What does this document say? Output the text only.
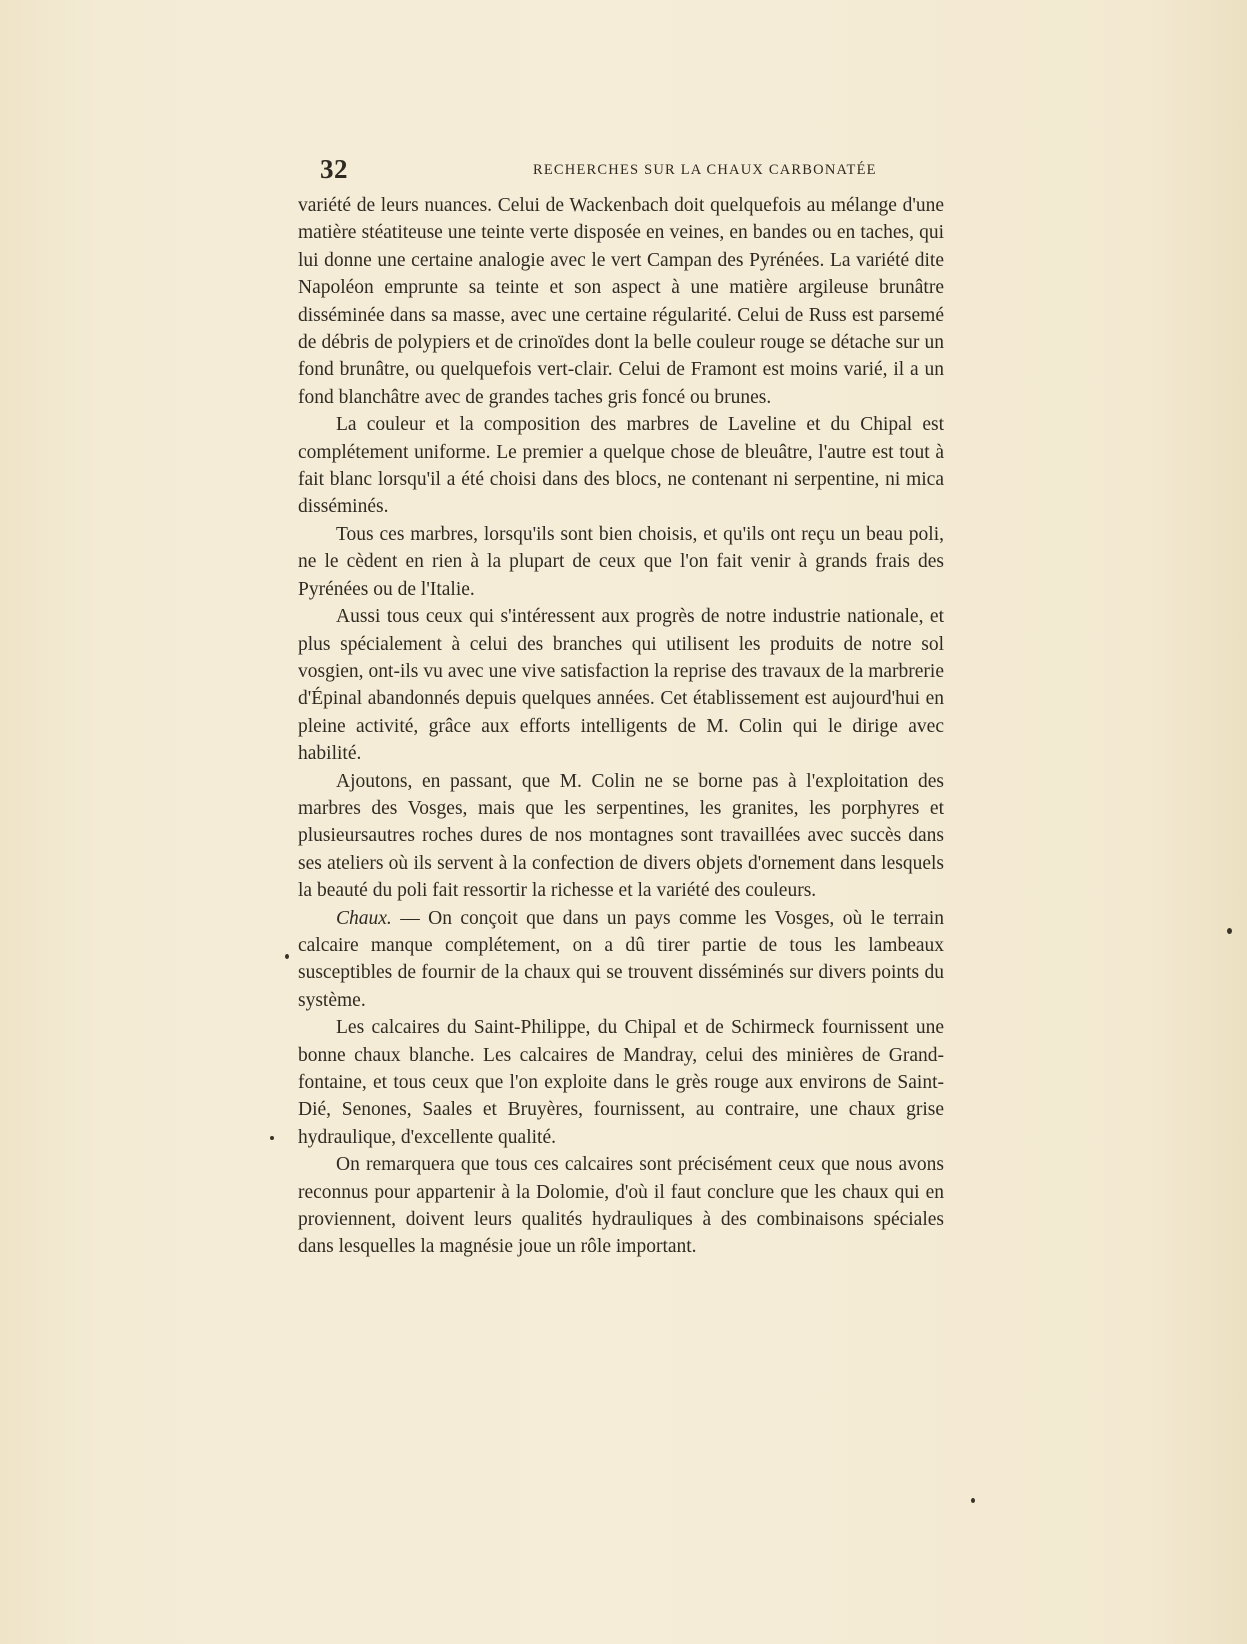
32	RECHERCHES SUR LA CHAUX CARBONATÉE

variété de leurs nuances. Celui de Wackenbach doit quelquefois au mélange d'une matière stéatiteuse une teinte verte disposée en veines, en bandes ou en taches, qui lui donne une certaine analogie avec le vert Campan des Pyrénées. La variété dite Napoléon emprunte sa teinte et son aspect à une matière argileuse brunâtre disséminée dans sa masse, avec une certaine régularité. Celui de Russ est parsemé de débris de polypiers et de crinoïdes dont la belle couleur rouge se détache sur un fond brunâtre, ou quelquefois vert-clair. Celui de Framont est moins varié, il a un fond blanchâtre avec de grandes taches gris foncé ou brunes.

La couleur et la composition des marbres de Laveline et du Chipal est complétement uniforme. Le premier a quelque chose de bleuâtre, l'autre est tout à fait blanc lorsqu'il a été choisi dans des blocs, ne contenant ni serpentine, ni mica disséminés.

Tous ces marbres, lorsqu'ils sont bien choisis, et qu'ils ont reçu un beau poli, ne le cèdent en rien à la plupart de ceux que l'on fait venir à grands frais des Pyrénées ou de l'Italie.

Aussi tous ceux qui s'intéressent aux progrès de notre industrie nationale, et plus spécialement à celui des branches qui utilisent les produits de notre sol vosgien, ont-ils vu avec une vive satisfaction la reprise des travaux de la marbrerie d'Épinal abandonnés depuis quelques années. Cet établissement est aujourd'hui en pleine activité, grâce aux efforts intelligents de M. Colin qui le dirige avec habilité.

Ajoutons, en passant, que M. Colin ne se borne pas à l'exploitation des marbres des Vosges, mais que les serpentines, les granites, les porphyres et plusieursautres roches dures de nos montagnes sont travaillées avec succès dans ses ateliers où ils servent à la confection de divers objets d'ornement dans lesquels la beauté du poli fait ressortir la richesse et la variété des couleurs.

Chaux. — On conçoit que dans un pays comme les Vosges, où le terrain calcaire manque complétement, on a dû tirer partie de tous les lambeaux susceptibles de fournir de la chaux qui se trouvent disséminés sur divers points du système.

Les calcaires du Saint-Philippe, du Chipal et de Schirmeck fournissent une bonne chaux blanche. Les calcaires de Mandray, celui des minières de Grand-fontaine, et tous ceux que l'on exploite dans le grès rouge aux environs de Saint-Dié, Senones, Saales et Bruyères, fournissent, au contraire, une chaux grise hydraulique, d'excellente qualité.

On remarquera que tous ces calcaires sont précisément ceux que nous avons reconnus pour appartenir à la Dolomie, d'où il faut conclure que les chaux qui en proviennent, doivent leurs qualités hydrauliques à des combinaisons spéciales dans lesquelles la magnésie joue un rôle important.
